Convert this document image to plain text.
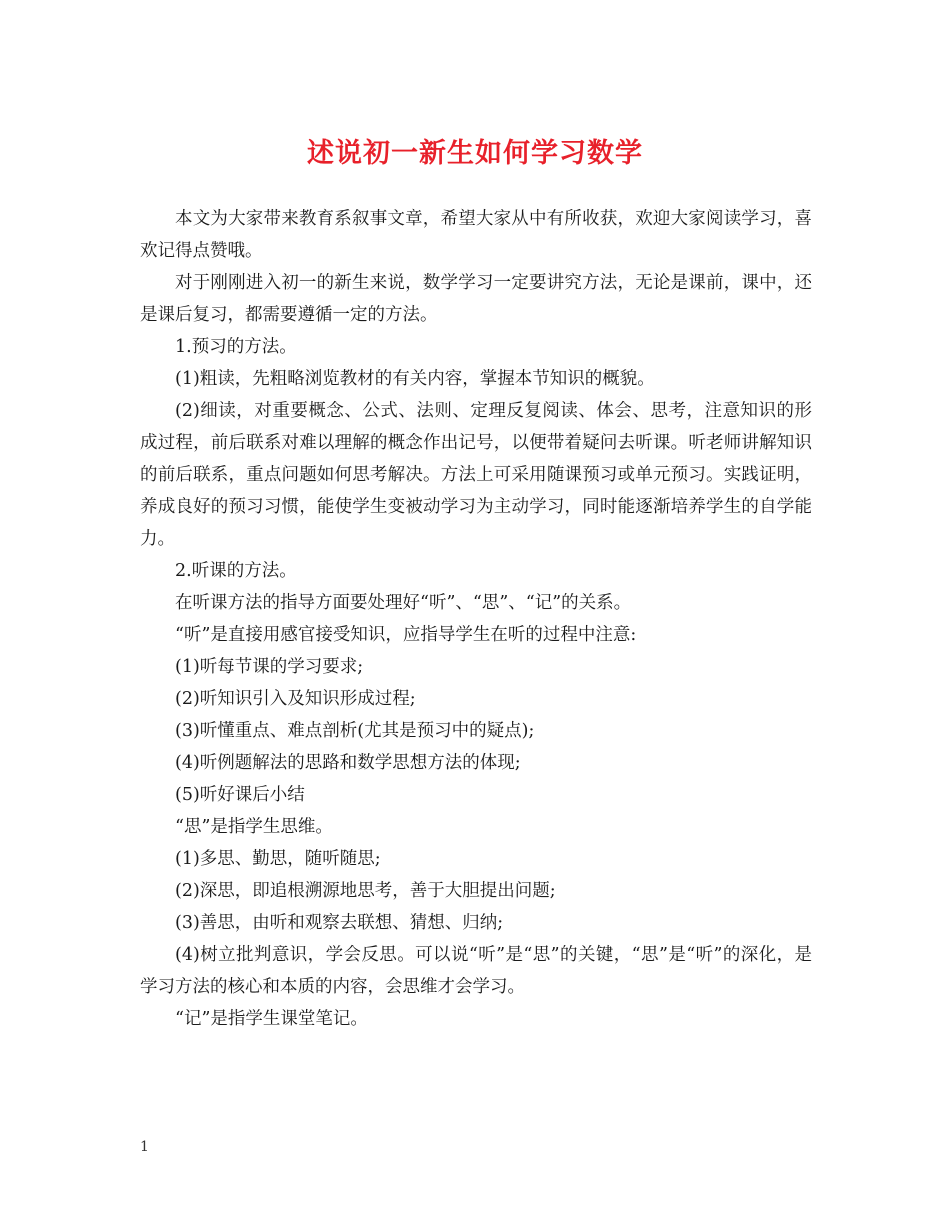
述说初一新生如何学习数学

本文为大家带来教育系叙事文章，希望大家从中有所收获，欢迎大家阅读学习，喜欢记得点赞哦。

对于刚刚进入初一的新生来说，数学学习一定要讲究方法，无论是课前，课中，还是课后复习，都需要遵循一定的方法。

1.预习的方法。

(1)粗读，先粗略浏览教材的有关内容，掌握本节知识的概貌。

(2)细读，对重要概念、公式、法则、定理反复阅读、体会、思考，注意知识的形成过程，前后联系对难以理解的概念作出记号，以便带着疑问去听课。听老师讲解知识的前后联系，重点问题如何思考解决。方法上可采用随课预习或单元预习。实践证明，养成良好的预习习惯，能使学生变被动学习为主动学习，同时能逐渐培养学生的自学能力。

2.听课的方法。

在听课方法的指导方面要处理好“听”、“思”、“记”的关系。

“听”是直接用感官接受知识，应指导学生在听的过程中注意:

(1)听每节课的学习要求;

(2)听知识引入及知识形成过程;

(3)听懂重点、难点剖析(尤其是预习中的疑点);

(4)听例题解法的思路和数学思想方法的体现;

(5)听好课后小结

“思”是指学生思维。

(1)多思、勤思，随听随思;

(2)深思，即追根溯源地思考，善于大胆提出问题;

(3)善思，由听和观察去联想、猜想、归纳;

(4)树立批判意识，学会反思。可以说“听”是“思”的关键，“思”是“听”的深化，是学习方法的核心和本质的内容，会思维才会学习。

“记”是指学生课堂笔记。

1
